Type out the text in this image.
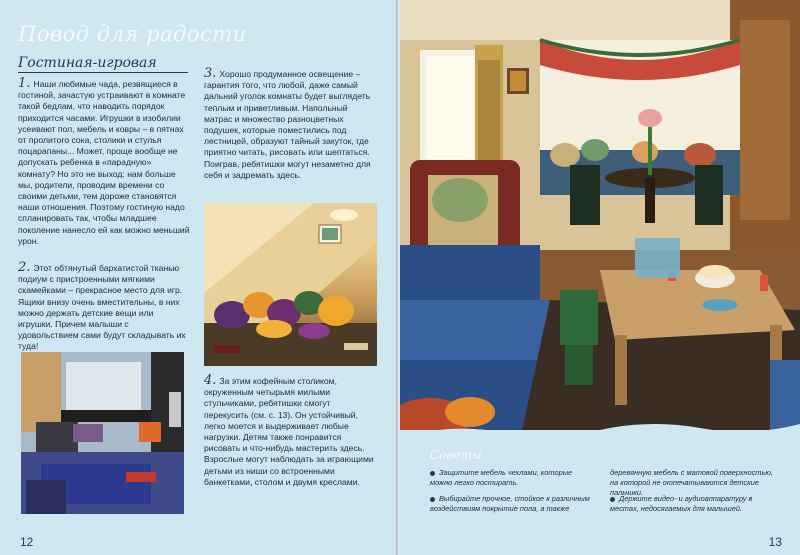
Повод для радости
Гостиная-игровая
1. Наши любимые чада, резвящиеся в гостиной, зачастую устраивают в комнате такой бедлам, что наводить порядок приходится часами. Игрушки в изобилии усеивают пол, мебель и ковры – в пятнах от пролитого сока, столики и стулья поцарапаны... Может, проще вообще не допускать ребенка в «парадную» комнату? Но это не выход: нам больше мы, родители, проводим времени со своими детьми, тем дороже становятся наши отношения. Поэтому гостиную надо спланировать так, чтобы младшее поколение нанесло ей как можно меньший урон.
2. Этот обтянутый бархатистой тканью подиум с пристроенными мягкими скамейками – прекрасное место для игр. Ящики внизу очень вместительны, в них можно держать детские вещи или игрушки. Причем малыши с удовольствием сами будут складывать их туда!
3. Хорошо продуманное освещение – гарантия того, что любой, даже самый дальний уголок комнаты будет выглядеть теплым и приветливым. Напольный матрас и множество разноцветных подушек, которые поместились под лестницей, образуют тайный закуток, где приятно читать, рисовать или шептаться. Поиграв, ребятишки могут незаметно для себя и задремать здесь.
4. За этим кофейным столиком, окруженным четырьмя милыми стульчиками, ребятишки смогут перекусить (см. с. 13). Он устойчивый, легко моется и выдерживает любые нагрузки. Детям также понравится рисовать и что-нибудь мастерить здесь. Взрослые могут наблюдать за играющими детьми из ниши со встроенными банкетками, столом и двумя креслами.
12
Советы
Защитите мебель чехлами, которые можно легко постирать.
Выбирайте прочное, стойкое к различным воздействиям покрытие пола, а также
деревянную мебель с матовой поверхностью, на которой не отпечатываются детские пальчики.
Держите видео- и аудиоаппаратуру в местах, недосягаемых для малышей.
13
